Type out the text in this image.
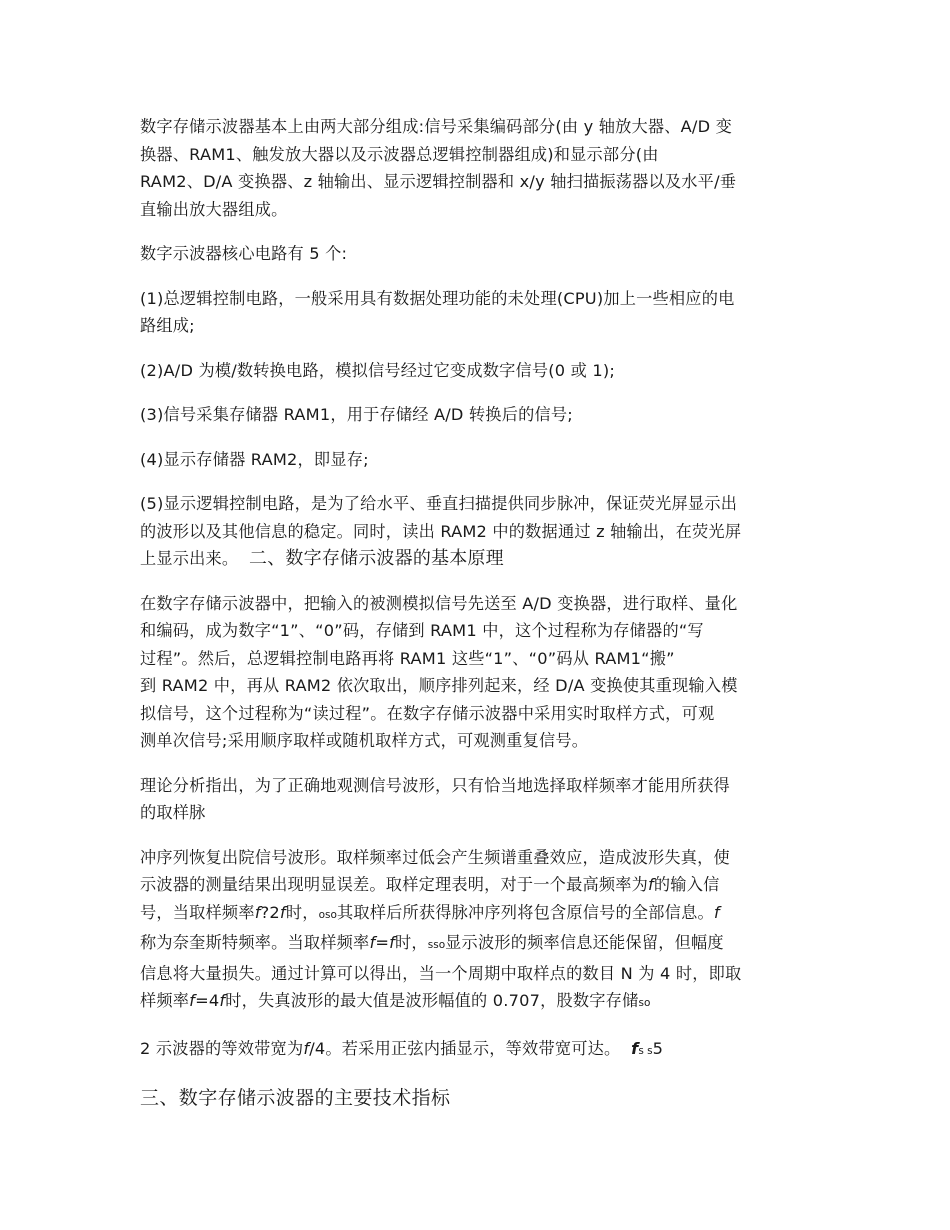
数字存储示波器基本上由两大部分组成:信号采集编码部分(由 y 轴放大器、A/D 变
换器、RAM1、触发放大器以及示波器总逻辑控制器组成)和显示部分(由
RAM2、D/A 变换器、z 轴输出、显示逻辑控制器和 x/y 轴扫描振荡器以及水平/垂
直输出放大器组成。
数字示波器核心电路有 5 个:
(1)总逻辑控制电路，一般采用具有数据处理功能的未处理(CPU)加上一些相应的电
路组成;
(2)A/D 为模/数转换电路，模拟信号经过它变成数字信号(0 或 1);
(3)信号采集存储器 RAM1，用于存储经 A/D 转换后的信号;
(4)显示存储器 RAM2，即显存;
(5)显示逻辑控制电路，是为了给水平、垂直扫描提供同步脉冲，保证荧光屏显示出
的波形以及其他信息的稳定。同时，读出 RAM2 中的数据通过 z 轴输出，在荧光屏
上显示出来。 二、数字存储示波器的基本原理
在数字存储示波器中，把输入的被测模拟信号先送至 A/D 变换器，进行取样、量化
和编码，成为数字“1”、“0”码，存储到 RAM1 中，这个过程称为存储器的“写
过程”。然后，总逻辑控制电路再将 RAM1 这些“1”、“0”码从 RAM1“搬”
到 RAM2 中，再从 RAM2 依次取出，顺序排列起来，经 D/A 变换使其重现输入模
拟信号，这个过程称为“读过程”。在数字存储示波器中采用实时取样方式，可观
测单次信号;采用顺序取样或随机取样方式，可观测重复信号。
理论分析指出，为了正确地观测信号波形，只有恰当地选择取样频率才能用所获得
的取样脉
冲序列恢复出院信号波形。取样频率过低会产生频谱重叠效应，造成波形失真，使
示波器的测量结果出现明显误差。取样定理表明，对于一个最高频率为f的输入信
号，当取样频率f?2f时，oso其取样后所获得脉冲序列将包含原信号的全部信息。f
称为奈奎斯特频率。当取样频率f=f时，sso显示波形的频率信息还能保留，但幅度
信息将大量损失。通过计算可以得出，当一个周期中取样点的数目 N 为 4 时，即取
样频率f=4f时，失真波形的最大值是波形幅值的 0.707，股数字存储so
2 示波器的等效带宽为f/4。若采用正弦内插显示，等效带宽可达。 fs s5
三、数字存储示波器的主要技术指标
